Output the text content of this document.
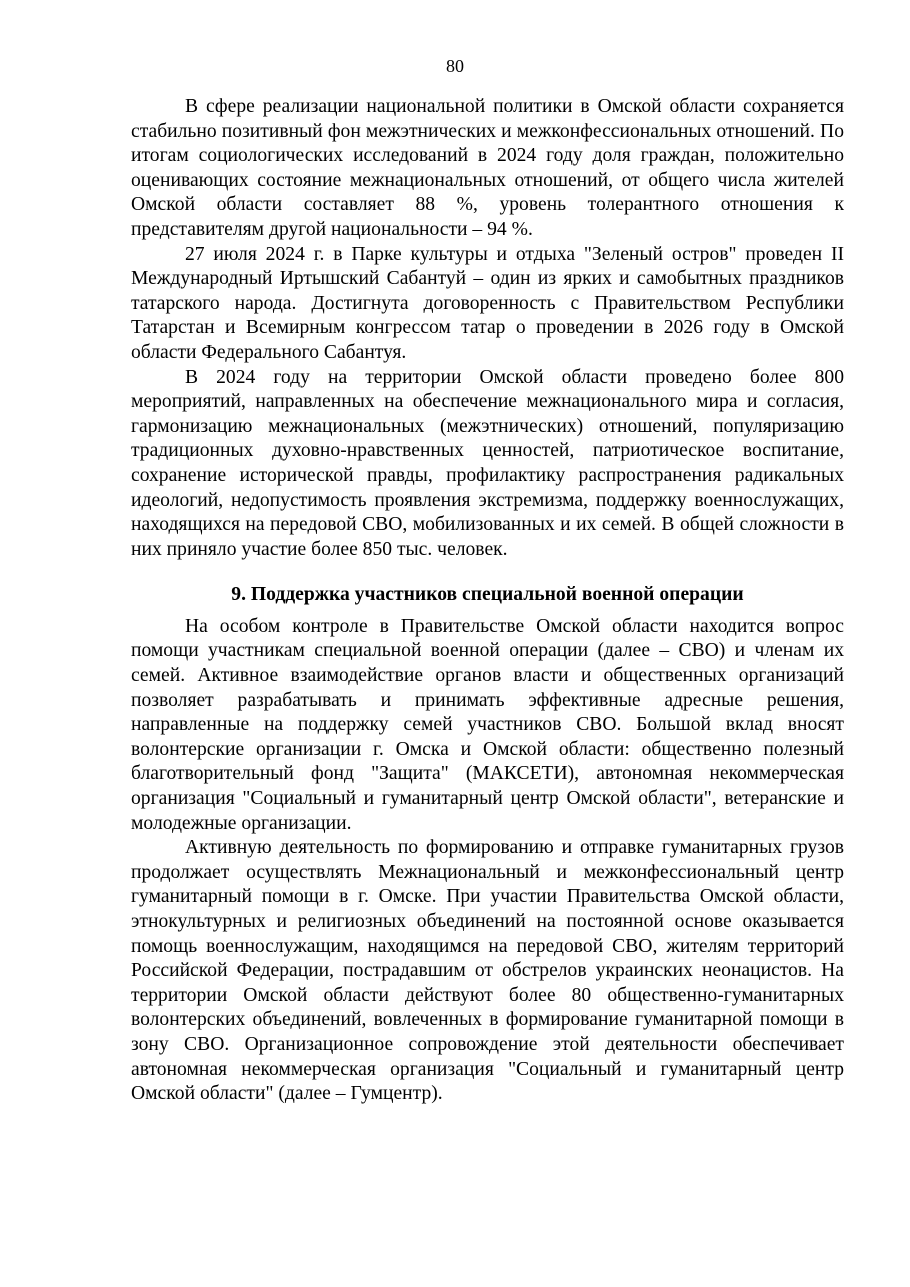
80

В сфере реализации национальной политики в Омской области сохраняется стабильно позитивный фон межэтнических и межконфессиональных отношений. По итогам социологических исследований в 2024 году доля граждан, положительно оценивающих состояние межнациональных отношений, от общего числа жителей Омской области составляет 88 %, уровень толерантного отношения к представителям другой национальности – 94 %.

27 июля 2024 г. в Парке культуры и отдыха "Зеленый остров" проведен II Международный Иртышский Сабантуй – один из ярких и самобытных праздников татарского народа. Достигнута договоренность с Правительством Республики Татарстан и Всемирным конгрессом татар о проведении в 2026 году в Омской области Федерального Сабантуя.

В 2024 году на территории Омской области проведено более 800 мероприятий, направленных на обеспечение межнационального мира и согласия, гармонизацию межнациональных (межэтнических) отношений, популяризацию традиционных духовно-нравственных ценностей, патриотическое воспитание, сохранение исторической правды, профилактику распространения радикальных идеологий, недопустимость проявления экстремизма, поддержку военнослужащих, находящихся на передовой СВО, мобилизованных и их семей. В общей сложности в них приняло участие более 850 тыс. человек.

9. Поддержка участников специальной военной операции

На особом контроле в Правительстве Омской области находится вопрос помощи участникам специальной военной операции (далее – СВО) и членам их семей. Активное взаимодействие органов власти и общественных организаций позволяет разрабатывать и принимать эффективные адресные решения, направленные на поддержку семей участников СВО. Большой вклад вносят волонтерские организации г. Омска и Омской области: общественно полезный благотворительный фонд "Защита" (МАКСЕТИ), автономная некоммерческая организация "Социальный и гуманитарный центр Омской области", ветеранские и молодежные организации.

Активную деятельность по формированию и отправке гуманитарных грузов продолжает осуществлять Межнациональный и межконфессиональный центр гуманитарный помощи в г. Омске. При участии Правительства Омской области, этнокультурных и религиозных объединений на постоянной основе оказывается помощь военнослужащим, находящимся на передовой СВО, жителям территорий Российской Федерации, пострадавшим от обстрелов украинских неонацистов. На территории Омской области действуют более 80 общественно-гуманитарных волонтерских объединений, вовлеченных в формирование гуманитарной помощи в зону СВО. Организационное сопровождение этой деятельности обеспечивает автономная некоммерческая организация "Социальный и гуманитарный центр Омской области" (далее – Гумцентр).
